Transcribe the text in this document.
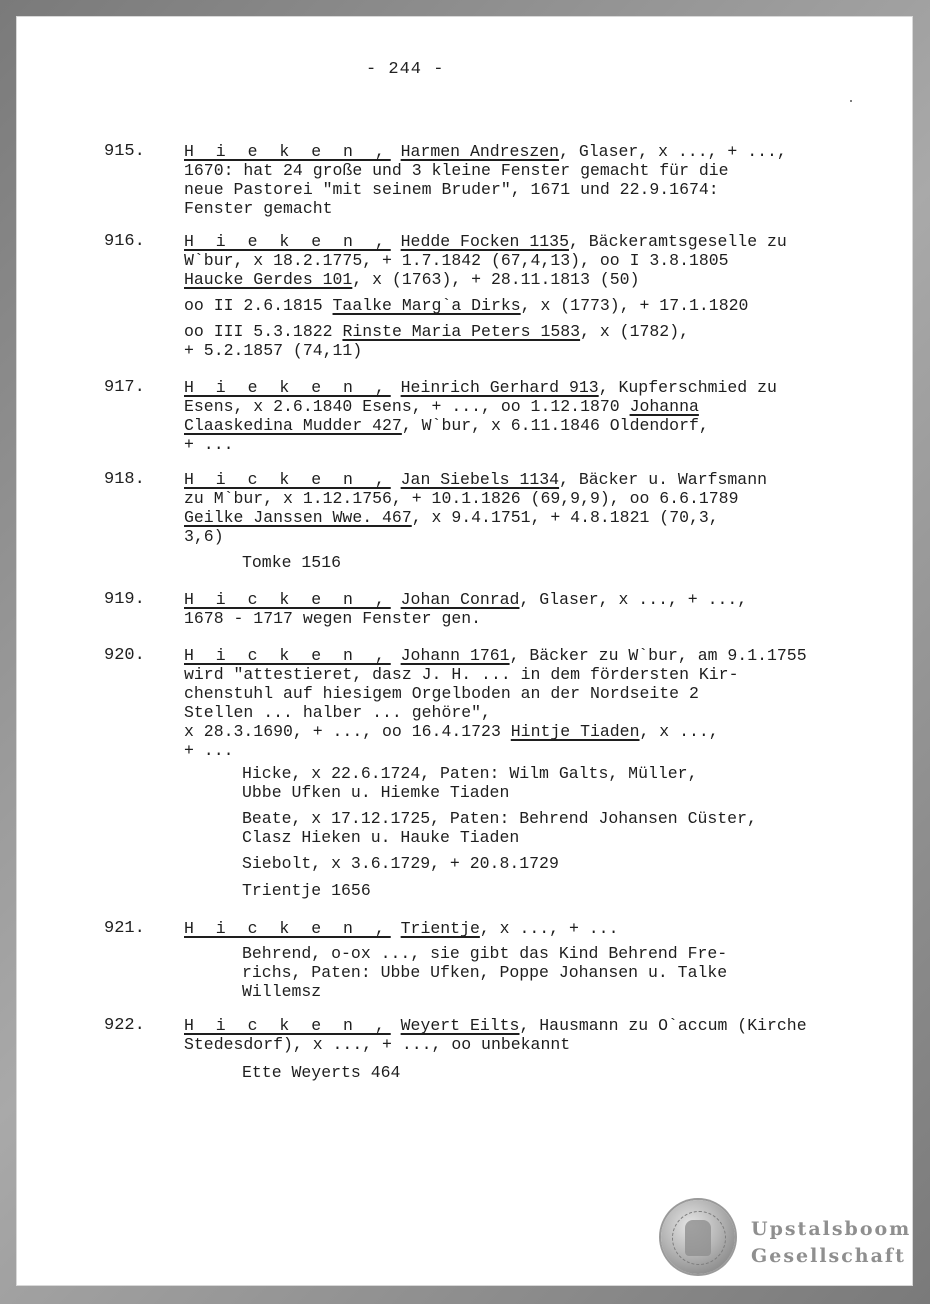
- 244 -
915. H i e k e n , Harmen Andreszen, Glaser, x ..., + ...,
1670: hat 24 große und 3 kleine Fenster gemacht für die
neue Pastorei "mit seinem Bruder", 1671 und 22.9.1674:
Fenster gemacht
916. H i e k e n , Hedde Focken 1135, Bäckeramtsgeselle zu
W`bur, x 18.2.1775, + 1.7.1842 (67,4,13), oo I 3.8.1805
Haucke Gerdes 101, x (1763), + 28.11.1813 (50)

oo II 2.6.1815 Taalke Marg`a Dirks, x (1773), + 17.1.1820
oo III 5.3.1822 Rinste Maria Peters 1583, x (1782),
+ 5.2.1857 (74,11)
917. H i e k e n , Heinrich Gerhard 913, Kupferschmied zu
Esens, x 2.6.1840 Esens, + ..., oo 1.12.1870 Johanna
Claaskedina Mudder 427, W`bur, x 6.11.1846 Oldendorf,
+ ...
918. H i c k e n , Jan Siebels 1134, Bäcker u. Warfsmann
zu M`bur, x 1.12.1756, + 10.1.1826 (69,9,9), oo 6.6.1789
Geilke Janssen Wwe. 467, x 9.4.1751, + 4.8.1821 (70,3,
3,6)
Tomke 1516
919. H i c k e n , Johan Conrad, Glaser, x ..., + ...,
1678 - 1717 wegen Fenster gen.
920. H i c k e n , Johann 1761, Bäcker zu W`bur, am 9.1.1755
wird "attestieret, dasz J. H. ... in dem fördersten Kir-
chenstuhl auf hiesigem Orgelboden an der Nordseite 2
Stellen ... halber ... gehöre",
x 28.3.1690, + ..., oo 16.4.1723 Hintje Tiaden, x ...,
+ ...
Hicke, x 22.6.1724, Paten: Wilm Galts, Müller,
Ubbe Ufken u. Hiemke Tiaden
Beate, x 17.12.1725, Paten: Behrend Johansen Cüster,
Clasz Hieken u. Hauke Tiaden
Siebolt, x 3.6.1729, + 20.8.1729
Trientje 1656
921. H i c k e n , Trientje, x ..., + ...
Behrend, o-ox ..., sie gibt das Kind Behrend Fre-
richs, Paten: Ubbe Ufken, Poppe Johansen u. Talke
Willemsz
922. H i c k e n , Weyert Eilts, Hausmann zu O`accum (Kirche
Stedesdorf), x ..., + ..., oo unbekannt
Ette Weyerts 464
Upstalsboom
Gesellschaft
